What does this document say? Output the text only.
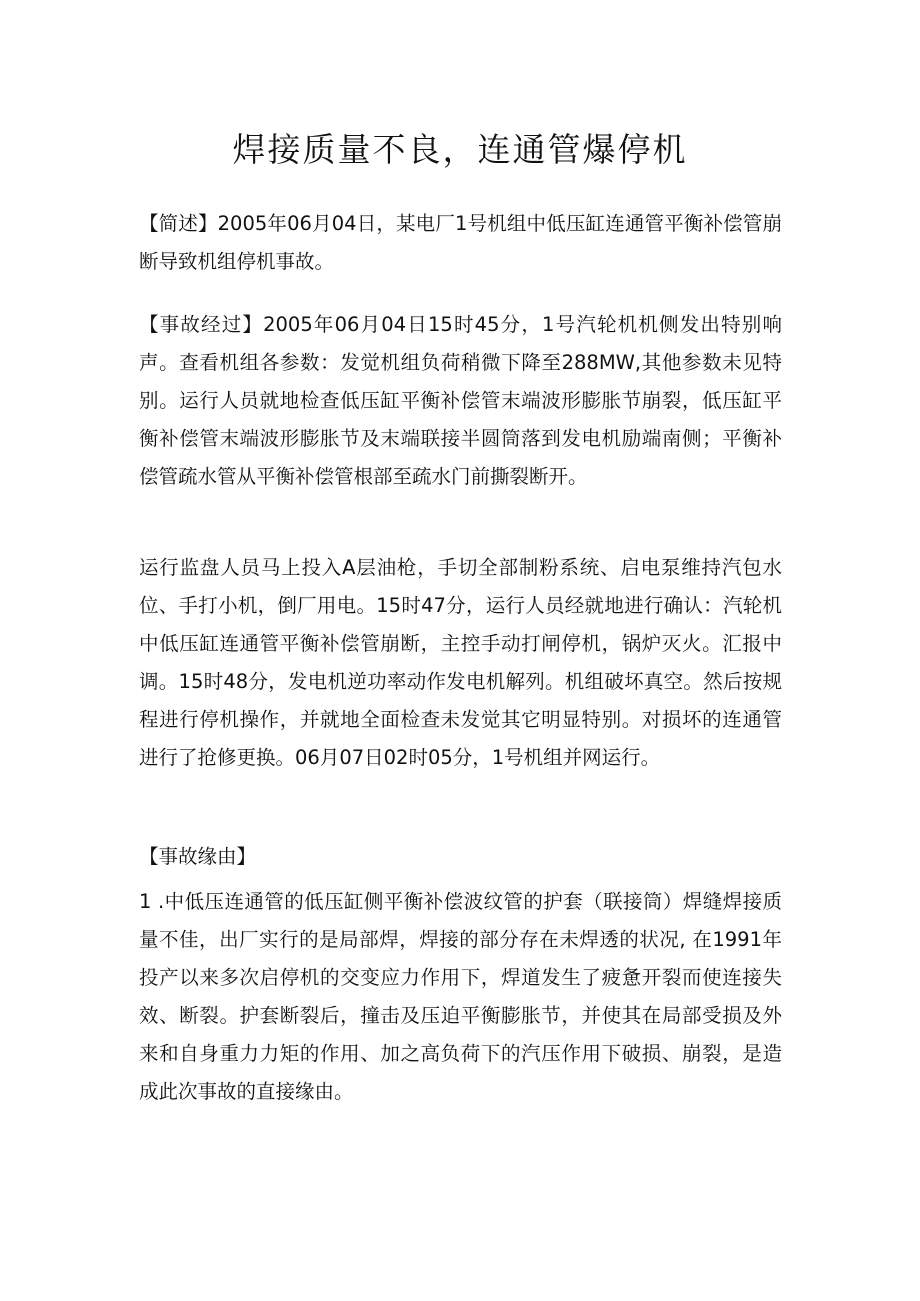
焊接质量不良，连通管爆停机

【简述】2005年06月04日，某电厂1号机组中低压缸连通管平衡补偿管崩断导致机组停机事故。

【事故经过】2005年06月04日15时45分，1号汽轮机机侧发出特别响声。查看机组各参数：发觉机组负荷稍微下降至288MW,其他参数未见特别。运行人员就地检查低压缸平衡补偿管末端波形膨胀节崩裂，低压缸平衡补偿管末端波形膨胀节及末端联接半圆筒落到发电机励端南侧；平衡补偿管疏水管从平衡补偿管根部至疏水门前撕裂断开。

运行监盘人员马上投入A层油枪，手切全部制粉系统、启电泵维持汽包水位、手打小机，倒厂用电。15时47分，运行人员经就地进行确认：汽轮机中低压缸连通管平衡补偿管崩断，主控手动打闸停机，锅炉灭火。汇报中调。15时48分，发电机逆功率动作发电机解列。机组破坏真空。然后按规程进行停机操作，并就地全面检查未发觉其它明显特别。对损坏的连通管进行了抢修更换。06月07日02时05分，1号机组并网运行。

【事故缘由】

1 .中低压连通管的低压缸侧平衡补偿波纹管的护套（联接筒）焊缝焊接质量不佳，出厂实行的是局部焊，焊接的部分存在未焊透的状况, 在1991年投产以来多次启停机的交变应力作用下，焊道发生了疲惫开裂而使连接失效、断裂。护套断裂后，撞击及压迫平衡膨胀节，并使其在局部受损及外来和自身重力力矩的作用、加之高负荷下的汽压作用下破损、崩裂，是造成此次事故的直接缘由。
